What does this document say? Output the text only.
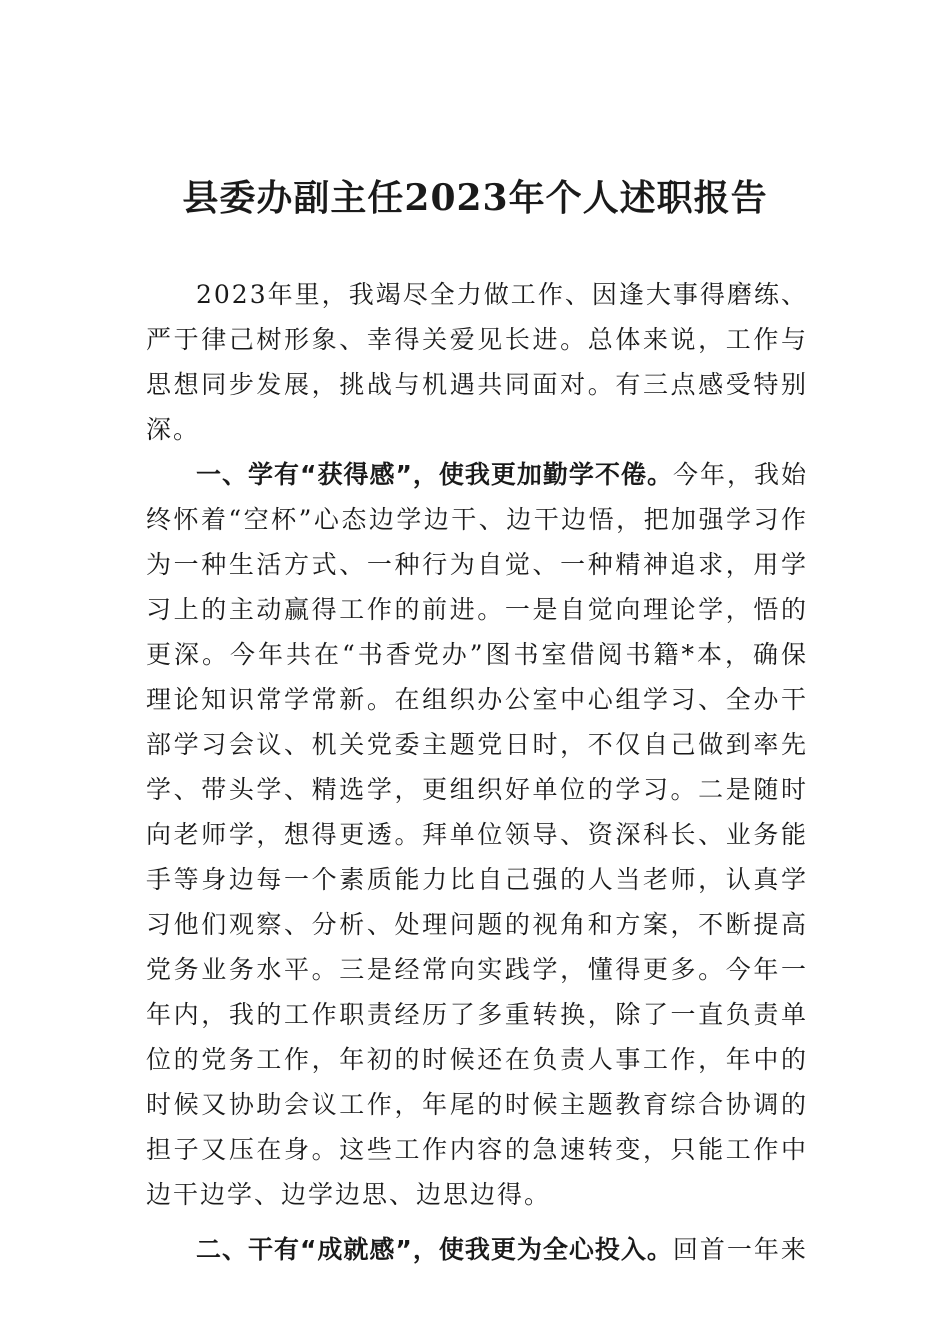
县委办副主任2023年个人述职报告

2023年里，我竭尽全力做工作、因逢大事得磨练、严于律己树形象、幸得关爱见长进。总体来说，工作与思想同步发展，挑战与机遇共同面对。有三点感受特别深。

一、学有“获得感”，使我更加勤学不倦。今年，我始终怀着“空杯”心态边学边干、边干边悟，把加强学习作为一种生活方式、一种行为自觉、一种精神追求，用学习上的主动赢得工作的前进。一是自觉向理论学，悟的更深。今年共在“书香党办”图书室借阅书籍*本，确保理论知识常学常新。在组织办公室中心组学习、全办干部学习会议、机关党委主题党日时，不仅自己做到率先学、带头学、精选学，更组织好单位的学习。二是随时向老师学，想得更透。拜单位领导、资深科长、业务能手等身边每一个素质能力比自己强的人当老师，认真学习他们观察、分析、处理问题的视角和方案，不断提高党务业务水平。三是经常向实践学，懂得更多。今年一年内，我的工作职责经历了多重转换，除了一直负责单位的党务工作，年初的时候还在负责人事工作，年中的时候又协助会议工作，年尾的时候主题教育综合协调的担子又压在身。这些工作内容的急速转变，只能工作中边干边学、边学边思、边思边得。

二、干有“成就感”，使我更为全心投入。回首一年来
